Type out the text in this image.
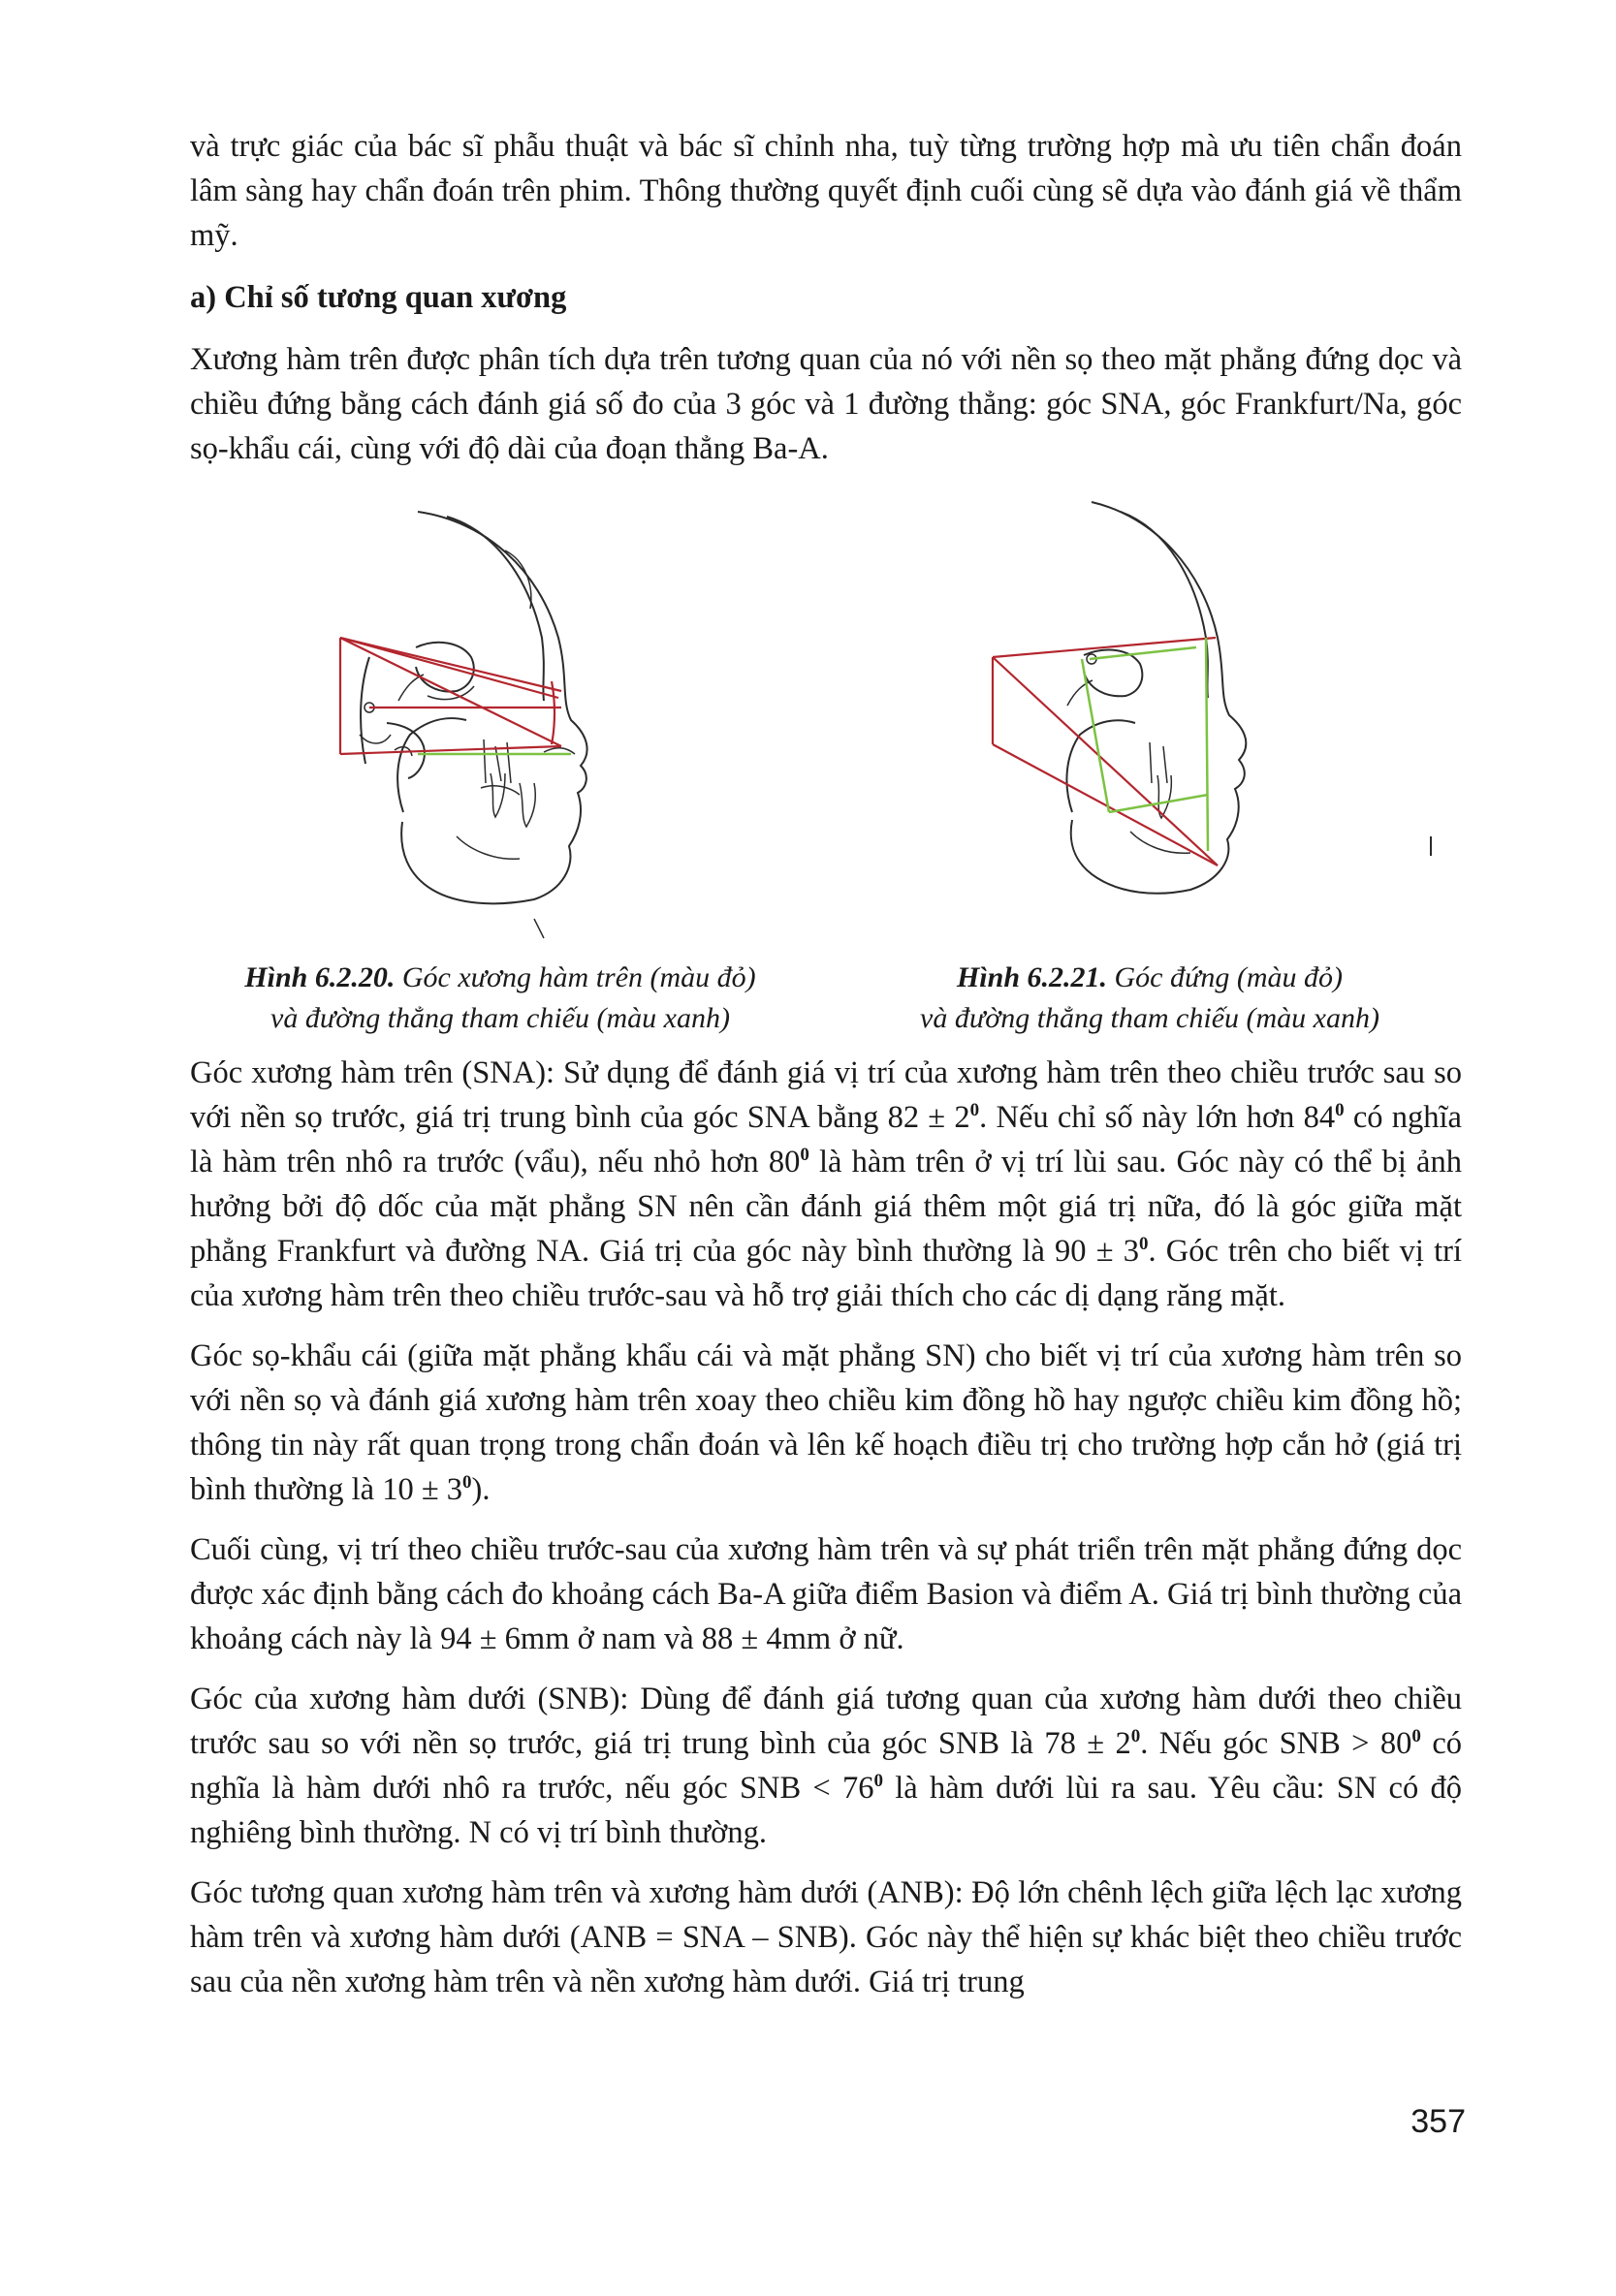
và trực giác của bác sĩ phẫu thuật và bác sĩ chỉnh nha, tuỳ từng trường hợp mà ưu tiên chẩn đoán lâm sàng hay chẩn đoán trên phim. Thông thường quyết định cuối cùng sẽ dựa vào đánh giá về thẩm mỹ.

a) Chỉ số tương quan xương

Xương hàm trên được phân tích dựa trên tương quan của nó với nền sọ theo mặt phẳng đứng dọc và chiều đứng bằng cách đánh giá số đo của 3 góc và 1 đường thẳng: góc SNA, góc Frankfurt/Na, góc sọ-khẩu cái, cùng với độ dài của đoạn thẳng Ba-A.

Hình 6.2.20. Góc xương hàm trên (màu đỏ)
và đường thẳng tham chiếu (màu xanh)
Hình 6.2.21. Góc đứng (màu đỏ)
và đường thẳng tham chiếu (màu xanh)

Góc xương hàm trên (SNA): Sử dụng để đánh giá vị trí của xương hàm trên theo chiều trước sau so với nền sọ trước, giá trị trung bình của góc SNA bằng $82 \pm 2^0$. Nếu chỉ số này lớn hơn $84^0$ có nghĩa là hàm trên nhô ra trước (vẩu), nếu nhỏ hơn $80^0$ là hàm trên ở vị trí lùi sau. Góc này có thể bị ảnh hưởng bởi độ dốc của mặt phẳng SN nên cần đánh giá thêm một giá trị nữa, đó là góc giữa mặt phẳng Frankfurt và đường NA. Giá trị của góc này bình thường là $90 \pm 3^0$. Góc trên cho biết vị trí của xương hàm trên theo chiều trước-sau và hỗ trợ giải thích cho các dị dạng răng mặt.

Góc sọ-khẩu cái (giữa mặt phẳng khẩu cái và mặt phẳng SN) cho biết vị trí của xương hàm trên so với nền sọ và đánh giá xương hàm trên xoay theo chiều kim đồng hồ hay ngược chiều kim đồng hồ; thông tin này rất quan trọng trong chẩn đoán và lên kế hoạch điều trị cho trường hợp cắn hở (giá trị bình thường là $10 \pm 3^0$).

Cuối cùng, vị trí theo chiều trước-sau của xương hàm trên và sự phát triển trên mặt phẳng đứng dọc được xác định bằng cách đo khoảng cách Ba-A giữa điểm Basion và điểm A. Giá trị bình thường của khoảng cách này là 94 ± 6mm ở nam và 88 ± 4mm ở nữ.

Góc của xương hàm dưới (SNB): Dùng để đánh giá tương quan của xương hàm dưới theo chiều trước sau so với nền sọ trước, giá trị trung bình của góc SNB là $78 \pm 2^0$. Nếu góc SNB > $80^0$ có nghĩa là hàm dưới nhô ra trước, nếu góc SNB < $76^0$ là hàm dưới lùi ra sau. Yêu cầu: SN có độ nghiêng bình thường. N có vị trí bình thường.

Góc tương quan xương hàm trên và xương hàm dưới (ANB): Độ lớn chênh lệch giữa lệch lạc xương hàm trên và xương hàm dưới (ANB = SNA – SNB). Góc này thể hiện sự khác biệt theo chiều trước sau của nền xương hàm trên và nền xương hàm dưới. Giá trị trung

357
